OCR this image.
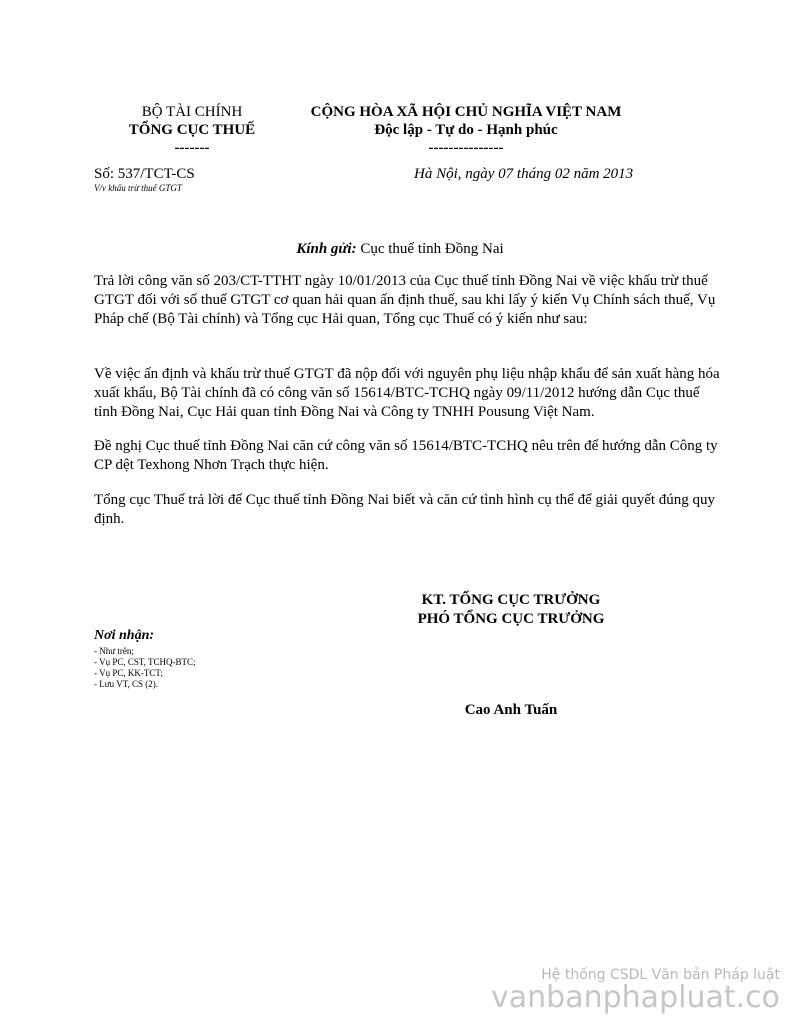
BỘ TÀI CHÍNH
TỔNG CỤC THUẾ
-------
CỘNG HÒA XÃ HỘI CHỦ NGHĨA VIỆT NAM
Độc lập - Tự do - Hạnh phúc
---------------
Số: 537/TCT-CS
V/v khấu trừ thuế GTGT
Hà Nội, ngày 07 tháng 02 năm 2013
Kính gửi: Cục thuế tỉnh Đồng Nai
Trả lời công văn số 203/CT-TTHT ngày 10/01/2013 của Cục thuế tỉnh Đồng Nai về việc khấu trừ thuế GTGT đối với số thuế GTGT cơ quan hải quan ấn định thuế, sau khi lấy ý kiến Vụ Chính sách thuế, Vụ Pháp chế (Bộ Tài chính) và Tổng cục Hải quan, Tổng cục Thuế có ý kiến như sau:
Về việc ấn định và khấu trừ thuế GTGT đã nộp đối với nguyên phụ liệu nhập khẩu để sản xuất hàng hóa xuất khẩu, Bộ Tài chính đã có công văn số 15614/BTC-TCHQ ngày 09/11/2012 hướng dẫn Cục thuế tỉnh Đồng Nai, Cục Hải quan tỉnh Đồng Nai và Công ty TNHH Pousung Việt Nam.
Đề nghị Cục thuế tỉnh Đồng Nai căn cứ công văn số 15614/BTC-TCHQ nêu trên để hướng dẫn Công ty CP dệt Texhong Nhơn Trạch thực hiện.
Tổng cục Thuế trả lời để Cục thuế tỉnh Đồng Nai biết và căn cứ tình hình cụ thể để giải quyết đúng quy định.
KT. TỔNG CỤC TRƯỞNG
PHÓ TỔNG CỤC TRƯỞNG
Cao Anh Tuấn
Nơi nhận:
- Như trên;
- Vụ PC, CST, TCHQ-BTC;
- Vụ PC, KK-TCT;
- Lưu VT, CS (2).
Hệ thống CSDL Văn bản Pháp luật
vanbanphapluat.co
